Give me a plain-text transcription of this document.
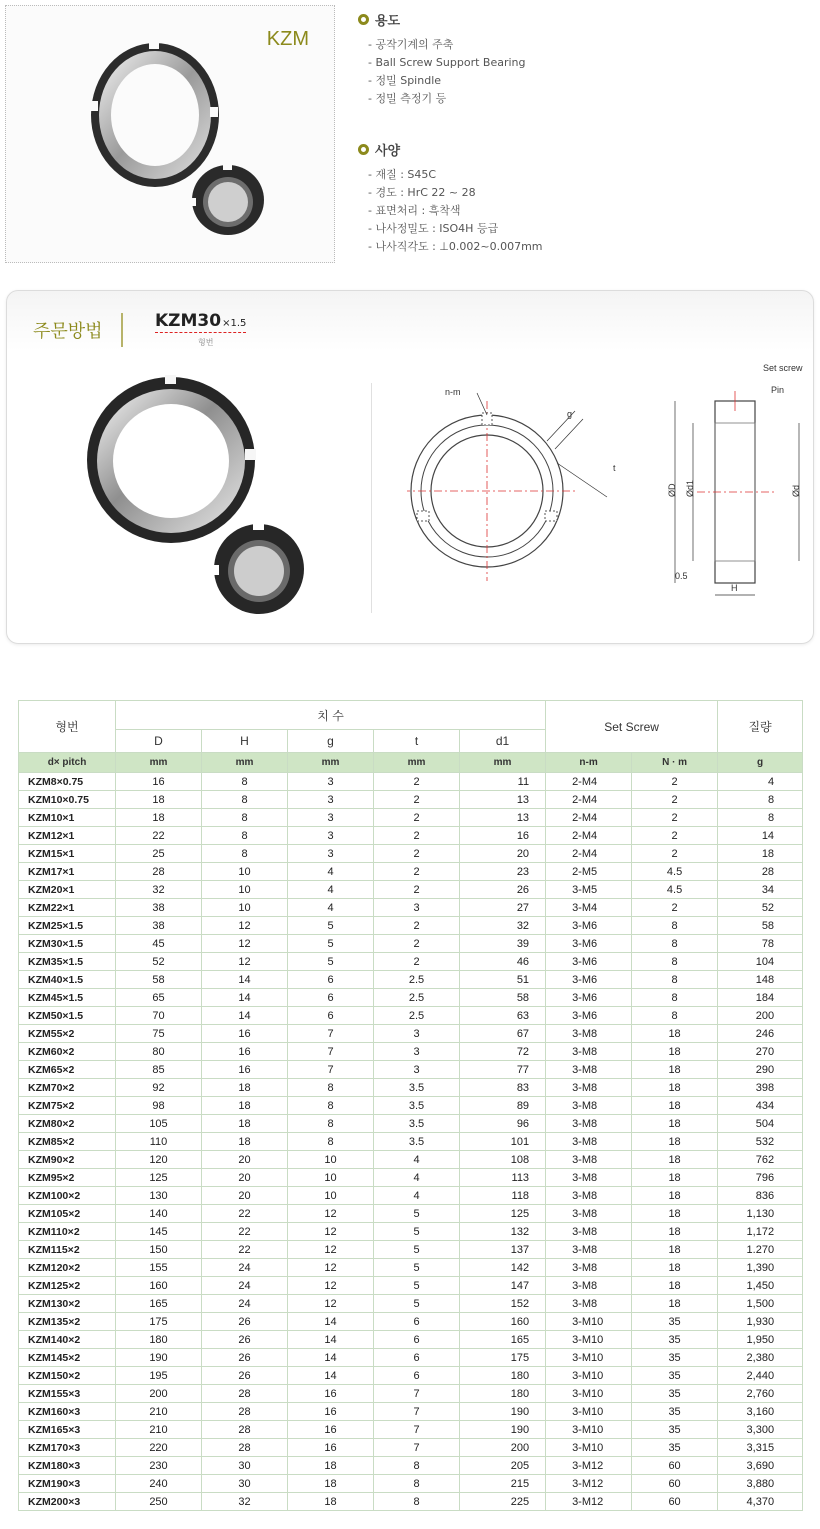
KZM
용도
- 공작기계의 주축
- Ball Screw Support Bearing
- 정밀 Spindle
- 정밀 측정기 등
사양
- 재질 : S45C
- 경도 : HrC 22 ~ 28
- 표면처리 : 흑착색
- 나사정밀도 : ISO4H 등급
- 나사직각도 : ⊥0.002~0.007mm
주문방법	KZM30×1.5
형번
n-m
g
t
Set screw
Pin
ØD Ød1	Ød
0.5
H
형번	치 수					Set Screw		질량
	D	H	g	t	d1			
d× pitch	mm	mm	mm	mm	mm	n-m	N · m	g
KZM8×0.75	16	8	3	2	11	2-M4	2	4
KZM10×0.75	18	8	3	2	13	2-M4	2	8
KZM10×1	18	8	3	2	13	2-M4	2	8
KZM12×1	22	8	3	2	16	2-M4	2	14
KZM15×1	25	8	3	2	20	2-M4	2	18
KZM17×1	28	10	4	2	23	2-M5	4.5	28
KZM20×1	32	10	4	2	26	3-M5	4.5	34
KZM22×1	38	10	4	3	27	3-M4	2	52
KZM25×1.5	38	12	5	2	32	3-M6	8	58
KZM30×1.5	45	12	5	2	39	3-M6	8	78
KZM35×1.5	52	12	5	2	46	3-M6	8	104
KZM40×1.5	58	14	6	2.5	51	3-M6	8	148
KZM45×1.5	65	14	6	2.5	58	3-M6	8	184
KZM50×1.5	70	14	6	2.5	63	3-M6	8	200
KZM55×2	75	16	7	3	67	3-M8	18	246
KZM60×2	80	16	7	3	72	3-M8	18	270
KZM65×2	85	16	7	3	77	3-M8	18	290
KZM70×2	92	18	8	3.5	83	3-M8	18	398
KZM75×2	98	18	8	3.5	89	3-M8	18	434
KZM80×2	105	18	8	3.5	96	3-M8	18	504
KZM85×2	110	18	8	3.5	101	3-M8	18	532
KZM90×2	120	20	10	4	108	3-M8	18	762
KZM95×2	125	20	10	4	113	3-M8	18	796
KZM100×2	130	20	10	4	118	3-M8	18	836
KZM105×2	140	22	12	5	125	3-M8	18	1,130
KZM110×2	145	22	12	5	132	3-M8	18	1,172
KZM115×2	150	22	12	5	137	3-M8	18	1.270
KZM120×2	155	24	12	5	142	3-M8	18	1,390
KZM125×2	160	24	12	5	147	3-M8	18	1,450
KZM130×2	165	24	12	5	152	3-M8	18	1,500
KZM135×2	175	26	14	6	160	3-M10	35	1,930
KZM140×2	180	26	14	6	165	3-M10	35	1,950
KZM145×2	190	26	14	6	175	3-M10	35	2,380
KZM150×2	195	26	14	6	180	3-M10	35	2,440
KZM155×3	200	28	16	7	180	3-M10	35	2,760
KZM160×3	210	28	16	7	190	3-M10	35	3,160
KZM165×3	210	28	16	7	190	3-M10	35	3,300
KZM170×3	220	28	16	7	200	3-M10	35	3,315
KZM180×3	230	30	18	8	205	3-M12	60	3,690
KZM190×3	240	30	18	8	215	3-M12	60	3,880
KZM200×3	250	32	18	8	225	3-M12	60	4,370
